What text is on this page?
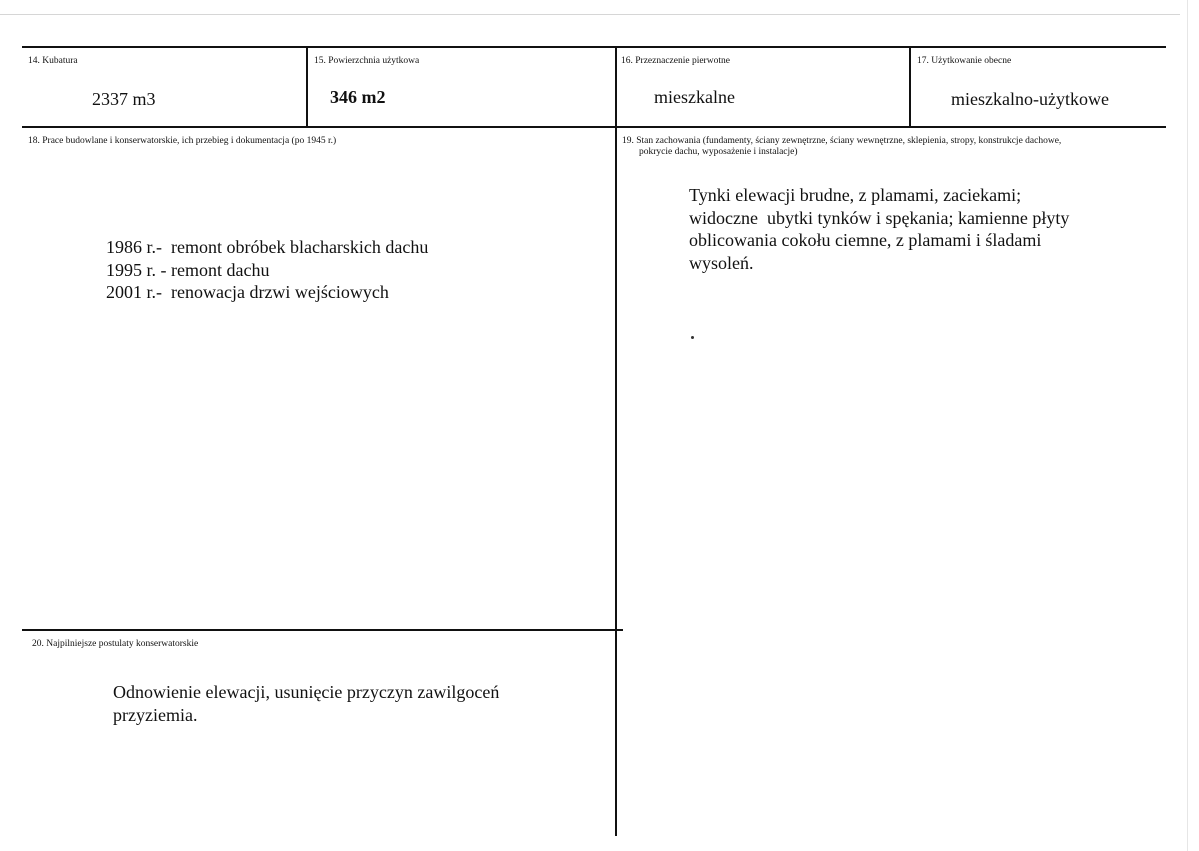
14. Kubatura
2337 m3
15. Powierzchnia użytkowa
346 m2
16. Przeznaczenie pierwotne
mieszkalne
17. Użytkowanie obecne
mieszkalno-użytkowe
18. Prace budowlane i konserwatorskie, ich przebieg i dokumentacja (po 1945 r.)
1986 r.-  remont obróbek blacharskich dachu
1995 r. - remont dachu
2001 r.-  renowacja drzwi wejściowych
19. Stan zachowania (fundamenty, ściany zewnętrzne, ściany wewnętrzne, sklepienia, stropy, konstrukcje dachowe,
pokrycie dachu, wyposażenie i instalacje)
Tynki elewacji brudne, z plamami, zaciekami;
widoczne  ubytki tynków i spękania; kamienne płyty
oblicowania cokołu ciemne, z plamami i śladami
wysoleń.
20. Najpilniejsze postulaty konserwatorskie
Odnowienie elewacji, usunięcie przyczyn zawilgoceń
przyziemia.
